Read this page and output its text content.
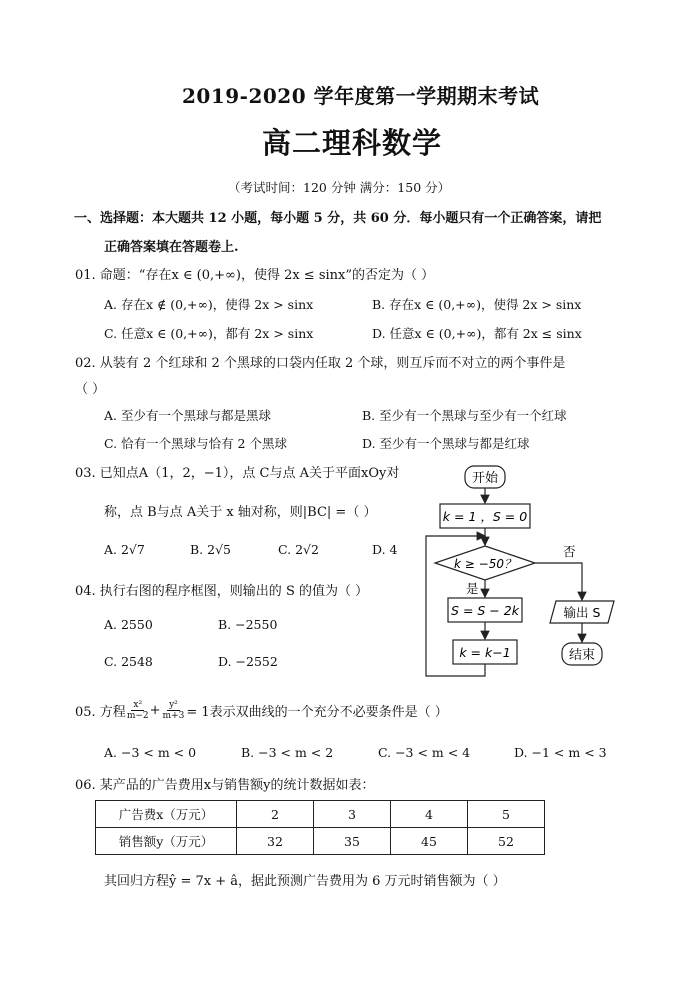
2019-2020 学年度第一学期期末考试
高二理科数学
（考试时间：120 分钟 满分：150 分）
一、选择题：本大题共 12 小题，每小题 5 分，共 60 分．每小题只有一个正确答案，请把
正确答案填在答题卷上.
01. 命题：“存在x ∈ (0,+∞)，使得 2x ≤ sinx”的否定为（ ）
A. 存在x ∉ (0,+∞)，使得 2x > sinx	B. 存在x ∈ (0,+∞)，使得 2x > sinx
C. 任意x ∈ (0,+∞)，都有 2x > sinx	D. 任意x ∈ (0,+∞)，都有 2x ≤ sinx
02. 从装有 2 个红球和 2 个黑球的口袋内任取 2 个球，则互斥而不对立的两个事件是
（ ）
A. 至少有一个黑球与都是黑球	B. 至少有一个黑球与至少有一个红球
C. 恰有一个黑球与恰有 2 个黑球	D. 至少有一个黑球与都是红球
03. 已知点A（1，2，−1），点 C与点 A关于平面xOy对
称，点 B与点 A关于 x 轴对称，则|BC| =（ ）
A. 2√7	B. 2√5	C. 2√2	D. 4
04. 执行右图的程序框图，则输出的 S 的值为（ ）
A. 2550	B. −2550
C. 2548	D. −2552
开始
k = 1 ，S = 0
k ≥ −50？
否
是
S = S − 2k
k = k−1
输出 S
结束
05. 方程 $\frac{\text{x²}}{m-2} + \frac{\text{y²}}{m+3} = 1$表示双曲线的一个充分不必要条件是（ ）
A. −3 < m < 0	B. −3 < m < 2	C. −3 < m < 4	D. −1 < m < 3
06. 某产品的广告费用x与销售额y的统计数据如表：
广告费x（万元）	2	3	4	5
销售额y（万元）	32	35	45	52
其回归方程ŷ = 7x + â，据此预测广告费用为 6 万元时销售额为（ ）
